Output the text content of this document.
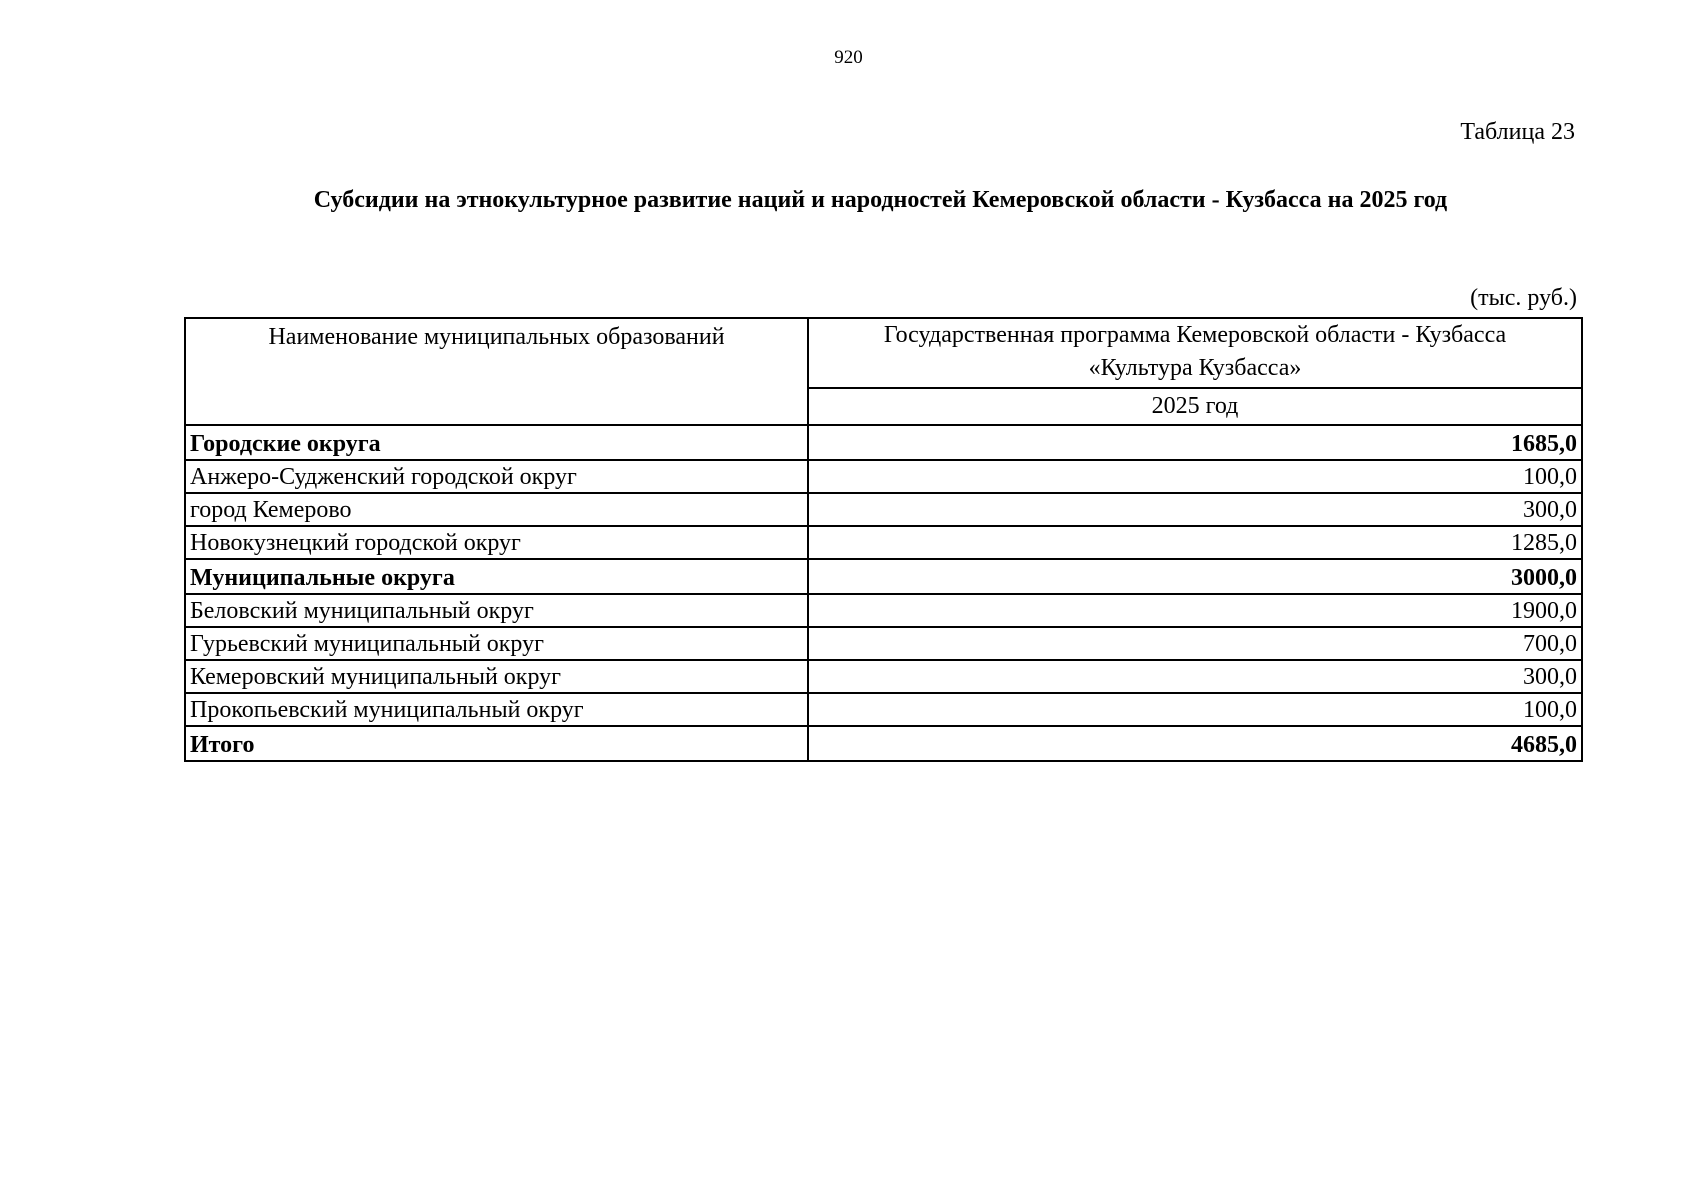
920
Таблица 23
Субсидии на этнокультурное развитие наций и народностей Кемеровской области - Кузбасса на 2025 год
(тыс. руб.)
Наименование муниципальных образований	Государственная программа Кемеровской области - Кузбасса
«Культура Кузбасса»

	2025 год
Городские округа	1685,0
Анжеро-Судженский городской округ	100,0
город Кемерово	300,0
Новокузнецкий городской округ	1285,0
Муниципальные округа	3000,0
Беловский муниципальный округ	1900,0
Гурьевский муниципальный округ	700,0
Кемеровский муниципальный округ	300,0
Прокопьевский муниципальный округ	100,0
Итого	4685,0
